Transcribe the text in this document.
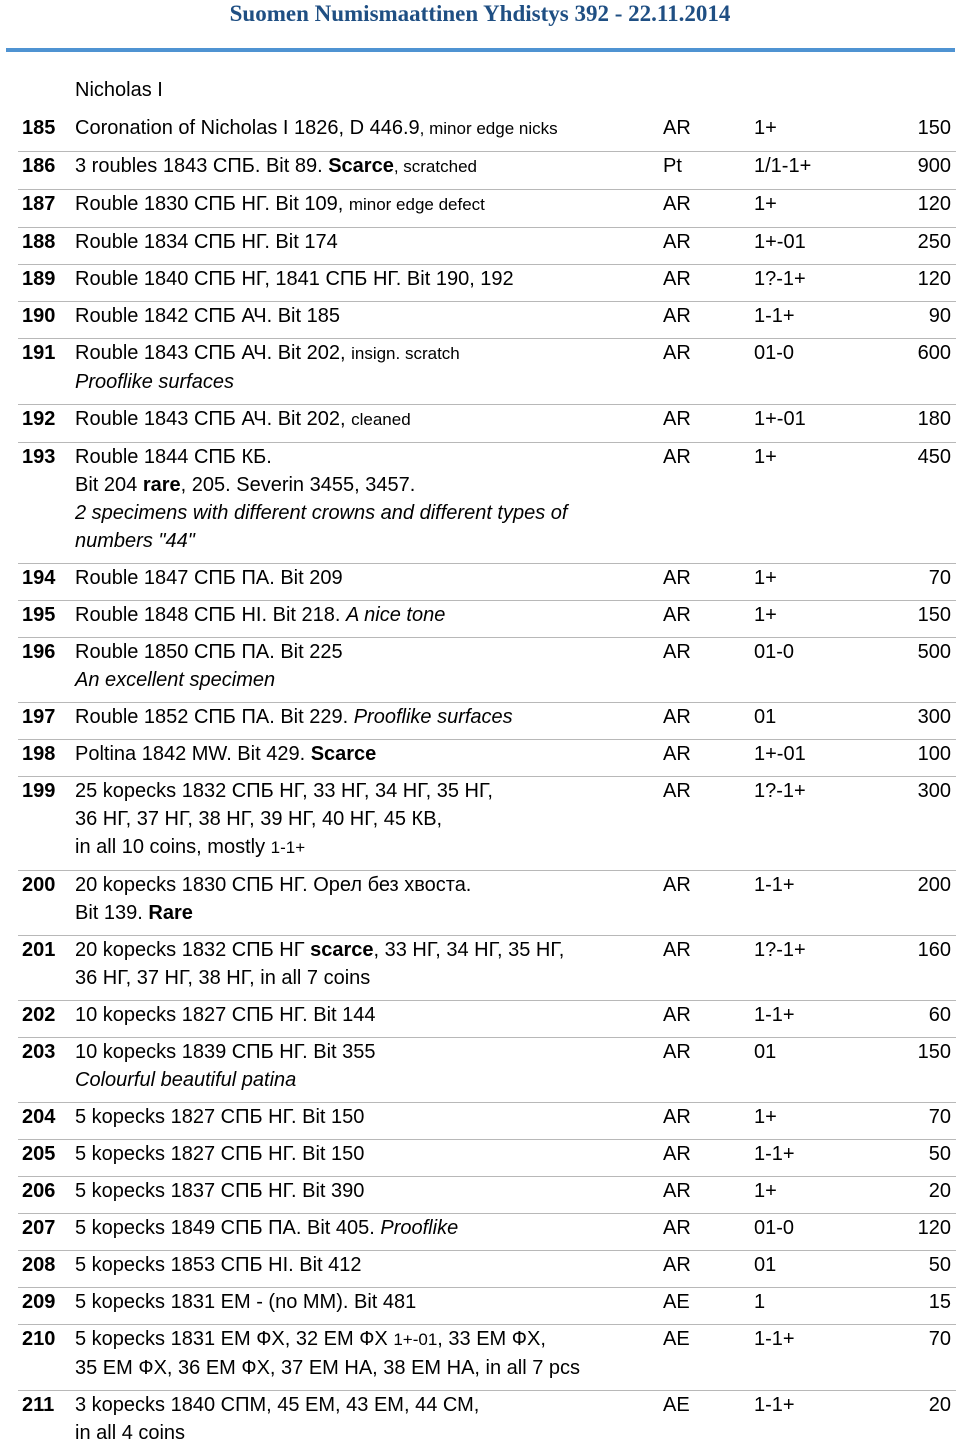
Suomen Numismaattinen Yhdistys 392 - 22.11.2014
Nicholas I
185 Coronation of Nicholas I 1826, D 446.9, minor edge nicks	AR	1+	150
186 3 roubles 1843 СПБ. Bit 89. Scarce, scratched	Pt	1/1-1+	900
187 Rouble 1830 СПБ НГ. Bit 109, minor edge defect	AR	1+	120
188 Rouble 1834 СПБ НГ. Bit 174	AR	1+-01	250
189 Rouble 1840 СПБ НГ, 1841 СПБ НГ. Bit 190, 192	AR	1?-1+	120
190 Rouble 1842 СПБ АЧ. Bit 185	AR	1-1+	90
191 Rouble 1843 СПБ АЧ. Bit 202, insign. scratch
Prooflike surfaces
AR	01-0	600
192 Rouble 1843 СПБ АЧ. Bit 202, cleaned	AR	1+-01	180
193 Rouble 1844 СПБ КБ.
Bit 204 rare, 205. Severin 3455, 3457.
2 specimens with different crowns and different types of
numbers "44"
AR	1+	450
194 Rouble 1847 СПБ ПА. Bit 209	AR	1+	70
195 Rouble 1848 СПБ НI. Bit 218. A nice tone	AR	1+	150
196 Rouble 1850 СПБ ПА. Bit 225
An excellent specimen
AR	01-0	500
197 Rouble 1852 СПБ ПА. Bit 229. Prooflike surfaces	AR	01	300
198 Poltina 1842 MW. Bit 429. Scarce	AR	1+-01	100
199 25 kopecks 1832 СПБ НГ, 33 НГ, 34 НГ, 35 НГ,
36 НГ, 37 НГ, 38 НГ, 39 НГ, 40 НГ, 45 КВ,
in all 10 coins, mostly 1-1+
AR	1?-1+	300
200 20 kopecks 1830 СПБ НГ. Орел без хвоста.
Bit 139. Rare
AR	1-1+	200
201 20 kopecks 1832 СПБ НГ scarce, 33 НГ, 34 НГ, 35 НГ,
36 НГ, 37 НГ, 38 НГ, in all 7 coins
AR	1?-1+	160
202 10 kopecks 1827 СПБ НГ. Bit 144	AR	1-1+	60
203 10 kopecks 1839 СПБ НГ. Bit 355
Colourful beautiful patina
AR	01	150
204 5 kopecks 1827 СПБ НГ. Bit 150	AR	1+	70
205 5 kopecks 1827 СПБ НГ. Bit 150	AR	1-1+	50
206 5 kopecks 1837 СПБ НГ. Bit 390	AR	1+	20
207 5 kopecks 1849 СПБ ПА. Bit 405. Prooflike	AR	01-0	120
208 5 kopecks 1853 СПБ НI. Bit 412	AR	01	50
209 5 kopecks 1831 ЕМ - (no MM). Bit 481	AE	1	15
210 5 kopecks 1831 ЕМ ФХ, 32 ЕМ ФХ 1+-01, 33 ЕМ ФХ,
35 ЕМ ФХ, 36 ЕМ ФХ, 37 ЕМ НА, 38 ЕМ НА, in all 7 pcs
AE	1-1+	70
211 3 kopecks 1840 СПМ, 45 ЕМ, 43 ЕМ, 44 СМ,
in all 4 coins
AE	1-1+	20
